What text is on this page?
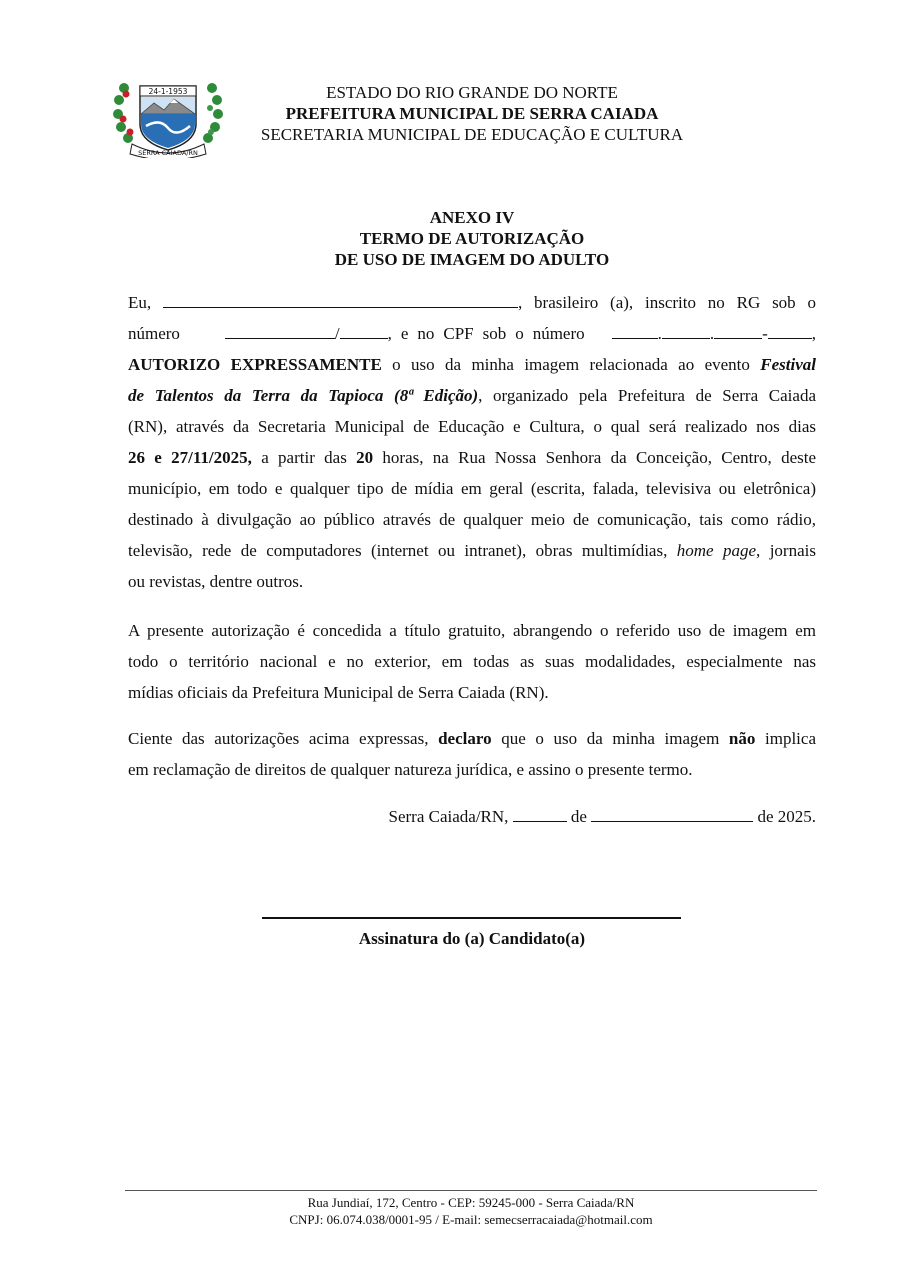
24-1-1953
SERRA CAIADA/RN
ESTADO DO RIO GRANDE DO NORTE
PREFEITURA MUNICIPAL DE SERRA CAIADA
SECRETARIA MUNICIPAL DE EDUCAÇÃO E CULTURA
ANEXO IV
TERMO DE AUTORIZAÇÃO
DE USO DE IMAGEM DO ADULTO
Eu,	, brasileiro (a), inscrito no RG sob o
número	/	, e no CPF sob o número	.	.	-	,
AUTORIZO EXPRESSAMENTE o uso da minha imagem relacionada ao evento Festival
de Talentos da Terra da Tapioca (8ª Edição), organizado pela Prefeitura de Serra Caiada
(RN), através da Secretaria Municipal de Educação e Cultura, o qual será realizado nos dias
26 e 27/11/2025, a partir das 20 horas, na Rua Nossa Senhora da Conceição, Centro, deste
município, em todo e qualquer tipo de mídia em geral (escrita, falada, televisiva ou eletrônica)
destinado à divulgação ao público através de qualquer meio de comunicação, tais como rádio,
televisão, rede de computadores (internet ou intranet), obras multimídias, home page, jornais
ou revistas, dentre outros.
A presente autorização é concedida a título gratuito, abrangendo o referido uso de imagem em
todo o território nacional e no exterior, em todas as suas modalidades, especialmente nas
mídias oficiais da Prefeitura Municipal de Serra Caiada (RN).
Ciente das autorizações acima expressas, declaro que o uso da minha imagem não implica
em reclamação de direitos de qualquer natureza jurídica, e assino o presente termo.
Serra Caiada/RN,	de	de 2025.
Assinatura do (a) Candidato(a)
Rua Jundiaí, 172, Centro - CEP: 59245-000 - Serra Caiada/RN
CNPJ: 06.074.038/0001-95 / E-mail: semecserracaiada@hotmail.com
